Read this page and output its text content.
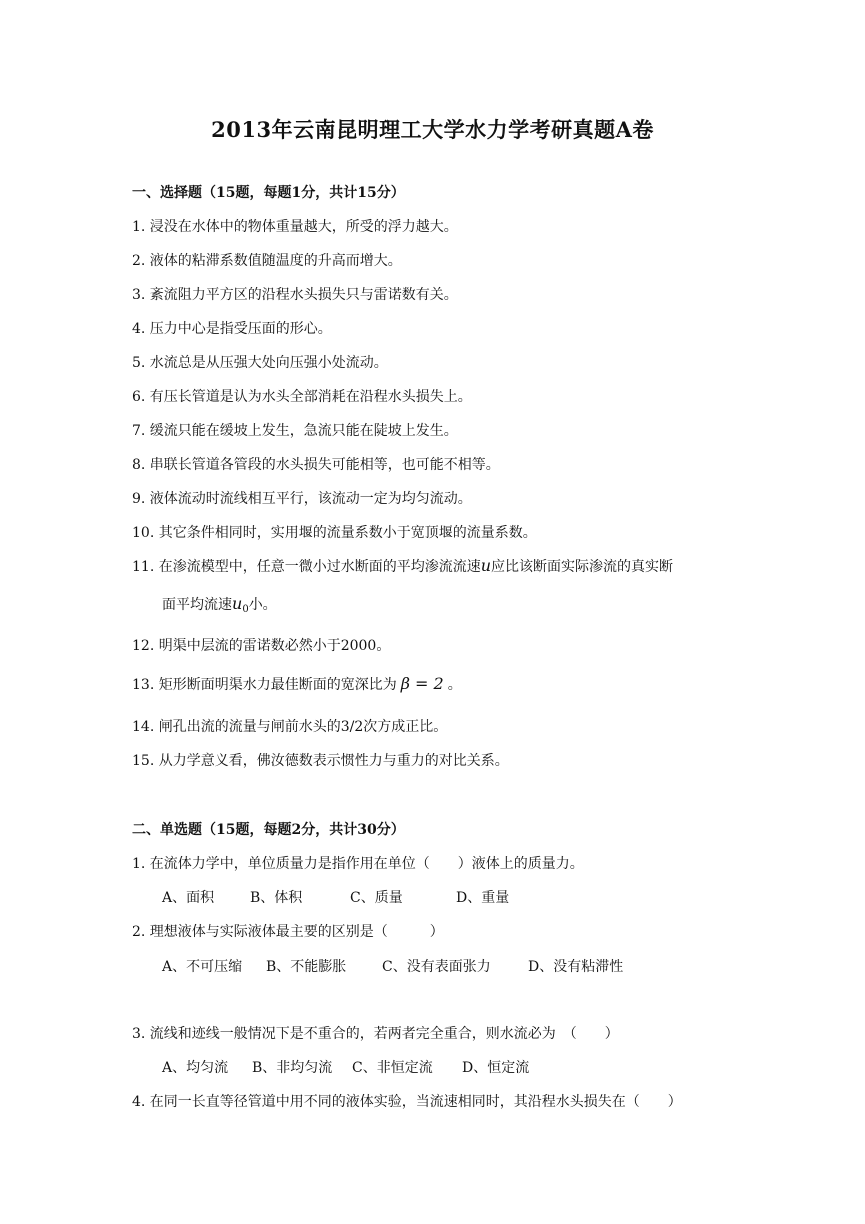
2013年云南昆明理工大学水力学考研真题A卷
一、选择题（15题，每题1分，共计15分）
1. 浸没在水体中的物体重量越大，所受的浮力越大。
2. 液体的粘滞系数值随温度的升高而增大。
3. 紊流阻力平方区的沿程水头损失只与雷诺数有关。
4. 压力中心是指受压面的形心。
5. 水流总是从压强大处向压强小处流动。
6. 有压长管道是认为水头全部消耗在沿程水头损失上。
7. 缓流只能在缓坡上发生，急流只能在陡坡上发生。
8. 串联长管道各管段的水头损失可能相等，也可能不相等。
9. 液体流动时流线相互平行，该流动一定为均匀流动。
10. 其它条件相同时，实用堰的流量系数小于宽顶堰的流量系数。
11. 在渗流模型中，任意一微小过水断面的平均渗流流速u应比该断面实际渗流的真实断
面平均流速$u_0$小。
12. 明渠中层流的雷诺数必然小于2000。
13. 矩形断面明渠水力最佳断面的宽深比为 β = 2 。
14. 闸孔出流的流量与闸前水头的3/2次方成正比。
15. 从力学意义看，佛汝德数表示惯性力与重力的对比关系。
二、单选题（15题，每题2分，共计30分）
1. 在流体力学中，单位质量力是指作用在单位（　　）液体上的质量力。
A、面积	B、体积	C、质量	D、重量
2. 理想液体与实际液体最主要的区别是（　　　）
A、不可压缩 B、不能膨胀	C、没有表面张力	D、没有粘滞性
3. 流线和迹线一般情况下是不重合的，若两者完全重合，则水流必为　（　　）
A、均匀流 B、非均匀流 C、非恒定流 D、恒定流
4. 在同一长直等径管道中用不同的液体实验，当流速相同时，其沿程水头损失在（　　）
